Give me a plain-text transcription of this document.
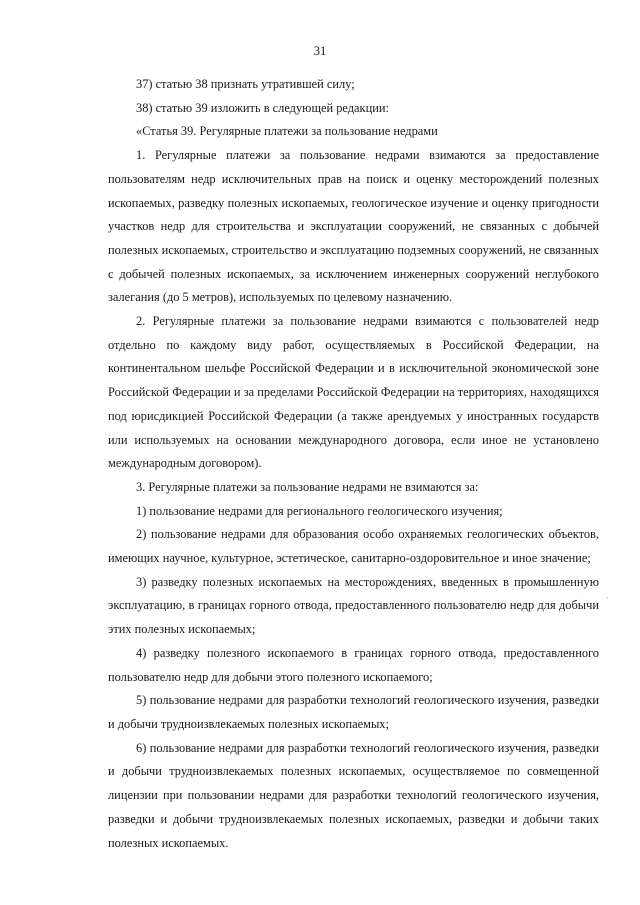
31

37) статью 38 признать утратившей силу;

38) статью 39 изложить в следующей редакции:

«Статья 39. Регулярные платежи за пользование недрами

1. Регулярные платежи за пользование недрами взимаются за предоставление пользователям недр исключительных прав на поиск и оценку месторождений полезных ископаемых, разведку полезных ископаемых, геологическое изучение и оценку пригодности участков недр для строительства и эксплуатации сооружений, не связанных с добычей полезных ископаемых, строительство и эксплуатацию подземных сооружений, не связанных с добычей полезных ископаемых, за исключением инженерных сооружений неглубокого залегания (до 5 метров), используемых по целевому назначению.

2. Регулярные платежи за пользование недрами взимаются с пользователей недр отдельно по каждому виду работ, осуществляемых в Российской Федерации, на континентальном шельфе Российской Федерации и в исключительной экономической зоне Российской Федерации и за пределами Российской Федерации на территориях, находящихся под юрисдикцией Российской Федерации (а также арендуемых у иностранных государств или используемых на основании международного договора, если иное не установлено международным договором).

3. Регулярные платежи за пользование недрами не взимаются за:

1) пользование недрами для регионального геологического изучения;

2) пользование недрами для образования особо охраняемых геологических объектов, имеющих научное, культурное, эстетическое, санитарно-оздоровительное и иное значение;

3) разведку полезных ископаемых на месторождениях, введенных в промышленную эксплуатацию, в границах горного отвода, предоставленного пользователю недр для добычи этих полезных ископаемых;

4) разведку полезного ископаемого в границах горного отвода, предоставленного пользователю недр для добычи этого полезного ископаемого;

5) пользование недрами для разработки технологий геологического изучения, разведки и добычи трудноизвлекаемых полезных ископаемых;

6) пользование недрами для разработки технологий геологического изучения, разведки и добычи трудноизвлекаемых полезных ископаемых, осуществляемое по совмещенной лицензии при пользовании недрами для разработки технологий геологического изучения, разведки и добычи трудноизвлекаемых полезных ископаемых, разведки и добычи таких полезных ископаемых.

·
